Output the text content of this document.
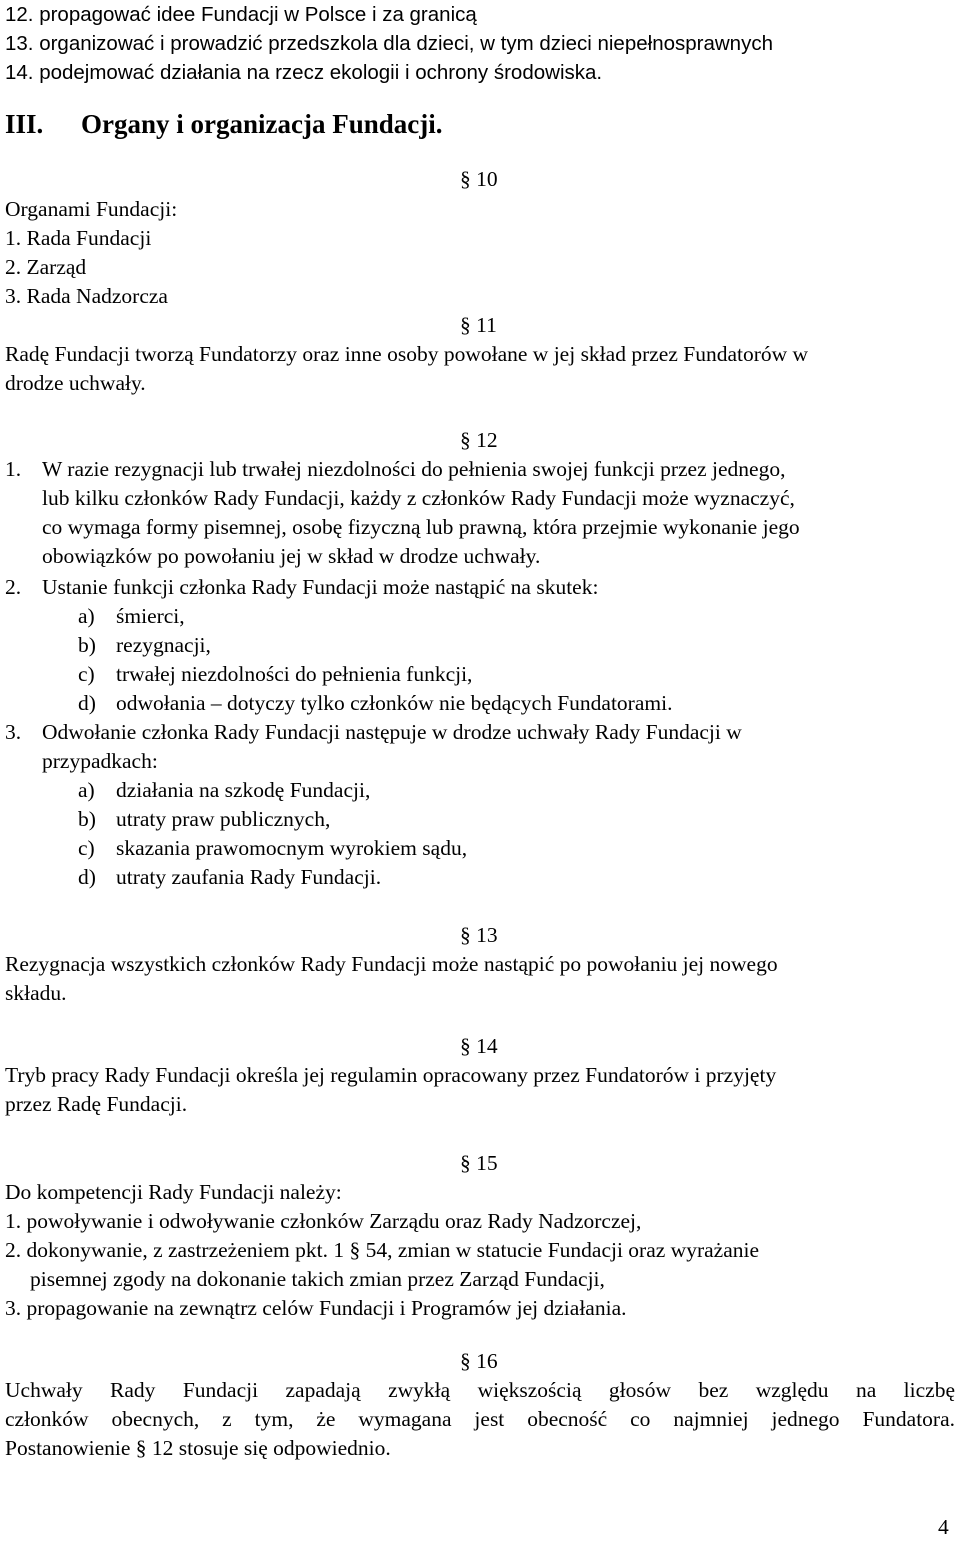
12. propagować idee Fundacji w Polsce i za granicą
13. organizować i prowadzić przedszkola dla dzieci, w tym dzieci niepełnosprawnych
14. podejmować działania na rzecz ekologii i ochrony środowiska.
III. Organy i organizacja Fundacji.
§ 10
Organami Fundacji:
1. Rada Fundacji
2. Zarząd
3. Rada Nadzorcza
§ 11
Radę Fundacji tworzą Fundatorzy oraz inne osoby powołane w jej skład przez Fundatorów w
drodze uchwały.
§ 12
1. W razie rezygnacji lub trwałej niezdolności do pełnienia swojej funkcji przez jednego,
lub kilku członków Rady Fundacji, każdy z członków Rady Fundacji może wyznaczyć,
co wymaga formy pisemnej, osobę fizyczną lub prawną, która przejmie wykonanie jego
obowiązków po powołaniu jej w skład w drodze uchwały.
2. Ustanie funkcji członka Rady Fundacji może nastąpić na skutek:
a) śmierci,
b) rezygnacji,
c) trwałej niezdolności do pełnienia funkcji,
d) odwołania – dotyczy tylko członków nie będących Fundatorami.
3. Odwołanie członka Rady Fundacji następuje w drodze uchwały Rady Fundacji w
przypadkach:
a) działania na szkodę Fundacji,
b) utraty praw publicznych,
c) skazania prawomocnym wyrokiem sądu,
d) utraty zaufania Rady Fundacji.
§ 13
Rezygnacja wszystkich członków Rady Fundacji może nastąpić po powołaniu jej nowego
składu.
§ 14
Tryb pracy Rady Fundacji określa jej regulamin opracowany przez Fundatorów i przyjęty
przez Radę Fundacji.
§ 15
Do kompetencji Rady Fundacji należy:
1. powoływanie i odwoływanie członków Zarządu oraz Rady Nadzorczej,
2. dokonywanie, z zastrzeżeniem pkt. 1 § 54, zmian w statucie Fundacji oraz wyrażanie
pisemnej zgody na dokonanie takich zmian przez Zarząd Fundacji,
3. propagowanie na zewnątrz celów Fundacji i Programów jej działania.
§ 16
Uchwały Rady Fundacji zapadają zwykłą większością głosów bez względu na liczbę
członków obecnych, z tym, że wymagana jest obecność co najmniej jednego Fundatora.
Postanowienie § 12 stosuje się odpowiednio.
4
